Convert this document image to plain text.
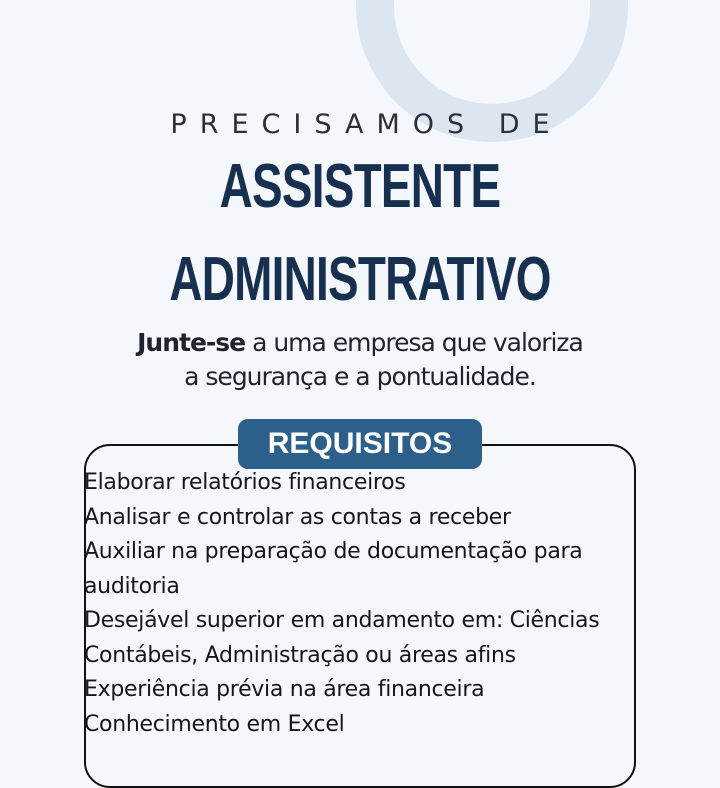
PRECISAMOS DE
ASSISTENTE
ADMINISTRATIVO
Junte-se a uma empresa que valoriza
a segurança e a pontualidade.
REQUISITOS
Elaborar relatórios financeiros
Analisar e controlar as contas a receber
Auxiliar na preparação de documentação para
auditoria
Desejável superior em andamento em: Ciências
Contábeis, Administração ou áreas afins
Experiência prévia na área financeira
Conhecimento em Excel
